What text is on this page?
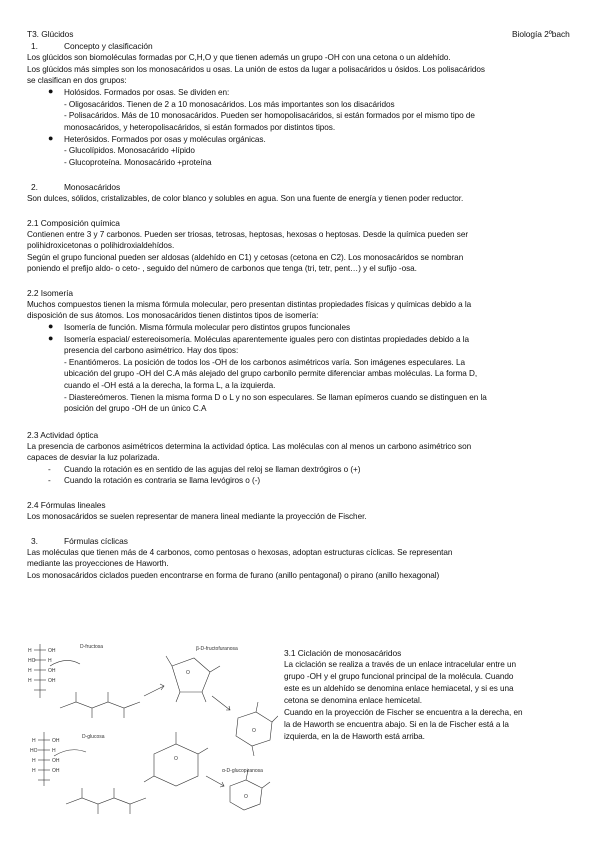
T3. Glúcidos	Biología 2ºbach
1.	Concepto y clasificación
Los glúcidos son biomoléculas formadas por C,H,O y que tienen además un grupo -OH con una cetona o un aldehído.
Los glúcidos más simples son los monosacáridos u osas. La unión de estos da lugar a polisacáridos u ósidos. Los polisacáridos
se clasifican en dos grupos:
● Holósidos. Formados por osas. Se dividen en:
- Oligosacáridos. Tienen de 2 a 10 monosacáridos. Los más importantes son los disacáridos
- Polisacáridos. Más de 10 monosacáridos. Pueden ser homopolisacáridos, si están formados por el mismo tipo de
monosacáridos, y heteropolisacáridos, si están formados por distintos tipos.
● Heterósidos. Formados por osas y moléculas orgánicas.
- Glucolípidos. Monosacárido +lípido
- Glucoproteína. Monosacárido +proteína
2.	Monosacáridos
Son dulces, sólidos, cristalizables, de color blanco y solubles en agua. Son una fuente de energía y tienen poder reductor.
2.1 Composición química
Contienen entre 3 y 7 carbonos. Pueden ser triosas, tetrosas, heptosas, hexosas o heptosas. Desde la química pueden ser
polihidroxicetonas o polihidroxialdehídos.
Según el grupo funcional pueden ser aldosas (aldehído en C1) y cetosas (cetona en C2). Los monosacáridos se nombran
poniendo el prefijo aldo- o ceto- , seguido del número de carbonos que tenga (tri, tetr, pent…) y el sufijo -osa.
2.2 Isomería
Muchos compuestos tienen la misma fórmula molecular, pero presentan distintas propiedades físicas y químicas debido a la
disposición de sus átomos. Los monosacáridos tienen distintos tipos de isomería:
● Isomería de función. Misma fórmula molecular pero distintos grupos funcionales
● Isomería espacial/ estereoisomería. Moléculas aparentemente iguales pero con distintas propiedades debido a la
presencia del carbono asimétrico. Hay dos tipos:
- Enantiómeros. La posición de todos los -OH de los carbonos asimétricos varía. Son imágenes especulares. La
ubicación del grupo -OH del C.A más alejado del grupo carbonilo permite diferenciar ambas moléculas. La forma D,
cuando el -OH está a la derecha, la forma L, a la izquierda.
- Diastereómeros. Tienen la misma forma D o L y no son especulares. Se llaman epímeros cuando se distinguen en la
posición del grupo -OH de un único C.A
2.3 Actividad óptica
La presencia de carbonos asimétricos determina la actividad óptica. Las moléculas con al menos un carbono asimétrico son
capaces de desviar la luz polarizada.
- Cuando la rotación es en sentido de las agujas del reloj se llaman dextrógiros o (+)
- Cuando la rotación es contraria se llama levógiros o (-)
2.4 Fórmulas lineales
Los monosacáridos se suelen representar de manera lineal mediante la proyección de Fischer.
3.	Fórmulas cíclicas
Las moléculas que tienen más de 4 carbonos, como pentosas o hexosas, adoptan estructuras cíclicas. Se representan
mediante las proyecciones de Haworth.
Los monosacáridos ciclados pueden encontrarse en forma de furano (anillo pentagonal) o pirano (anillo hexagonal)
3.1 Ciclación de monosacáridos
La ciclación se realiza a través de un enlace intracelular entre un
grupo -OH y el grupo funcional principal de la molécula. Cuando
este es un aldehído se denomina enlace hemiacetal, y si es una
cetona se denomina enlace hemicetal.
Cuando en la proyección de Fischer se encuentra a la derecha, en
la de Haworth se encuentra abajo. Si en la de Fischer está a la
izquierda, en la de Haworth está arriba.
D-fructosa	β-D-fructofuranosa
D-glucosa
α-D-glucopiranosa
H	OH
HO	H
H	OH
H	OH
H	OH
HO	H
H	OH
H	OH
O
O
O
O
